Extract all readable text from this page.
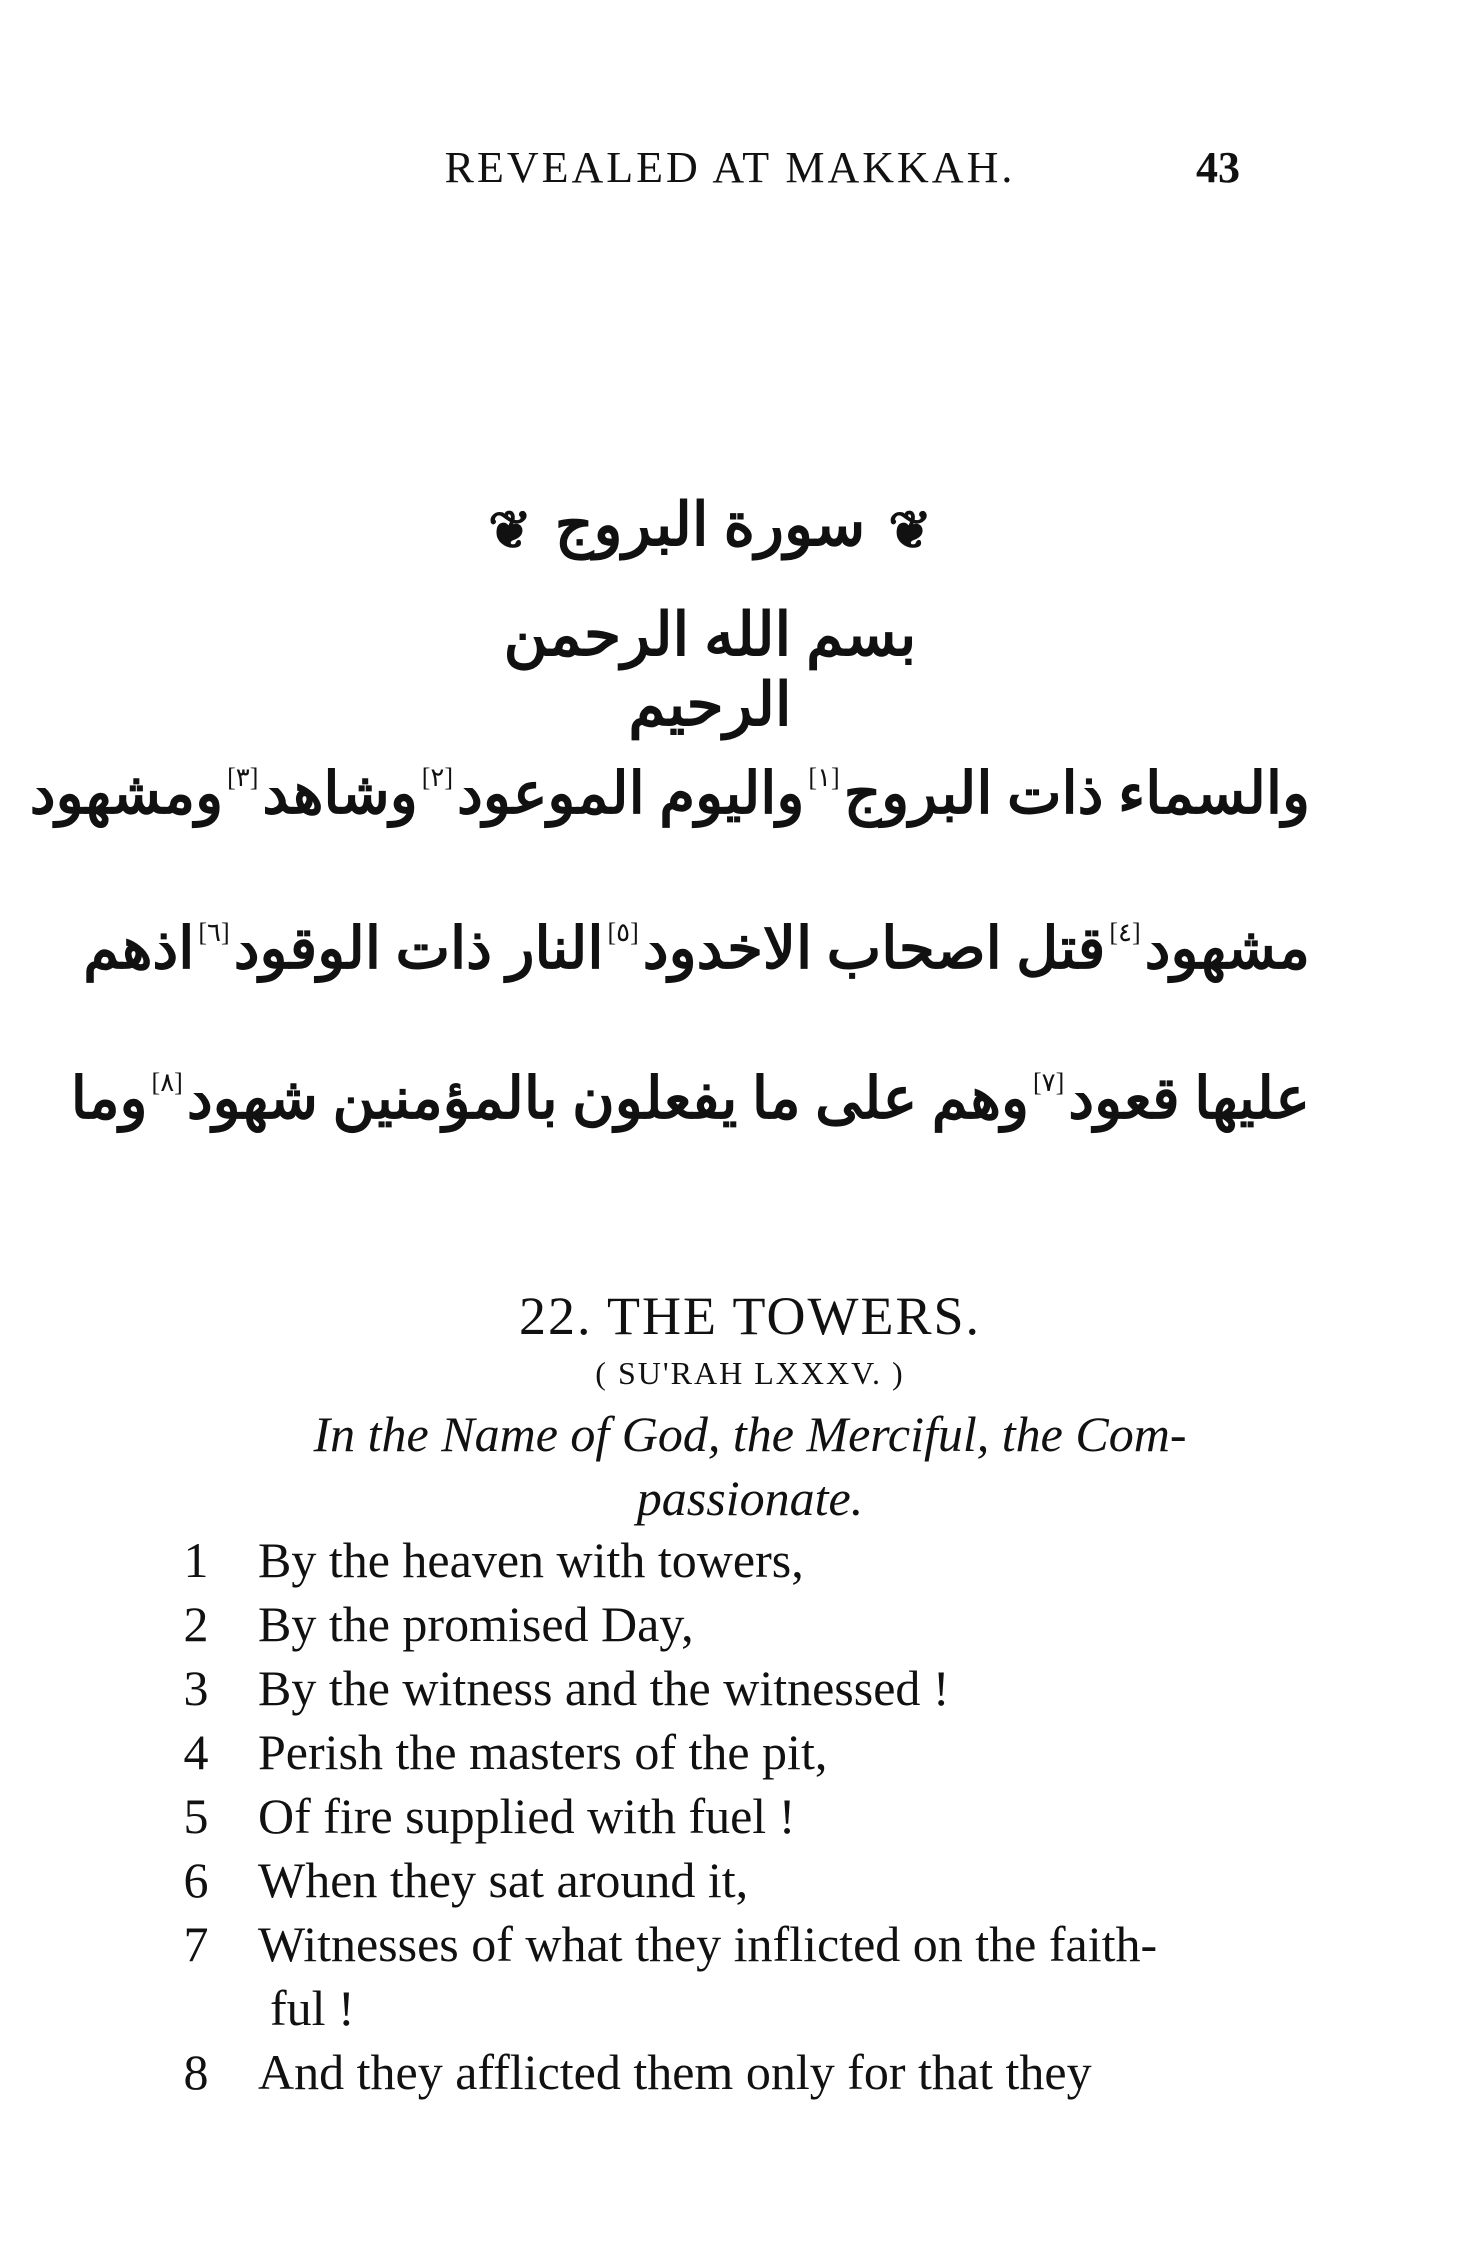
REVEALED AT MAKKAH.	43
❦ سورة البروج ❦
بسم الله الرحمن الرحيم
والسماء ذات البروج[١]
واليوم الموعود[٢]
وشاهد[٣]
ومشهود
مشهود[٤]
قتل اصحاب الاخدود[٥]
النار ذات الوقود[٦]
اذهم
عليها قعود[٧]
وهم على ما يفعلون بالمؤمنين شهود[٨]
وما
22. THE TOWERS.
( SU'RAH LXXXV. )
In the Name of God, the Merciful, the Com-
passionate.
1 By the heaven with towers,
2 By the promised Day,
3 By the witness and the witnessed !
4 Perish the masters of the pit,
5 Of fire supplied with fuel !
6 When they sat around it,
7 Witnesses of what they inflicted on the faith-
ful !
8 And they afflicted them only for that they
